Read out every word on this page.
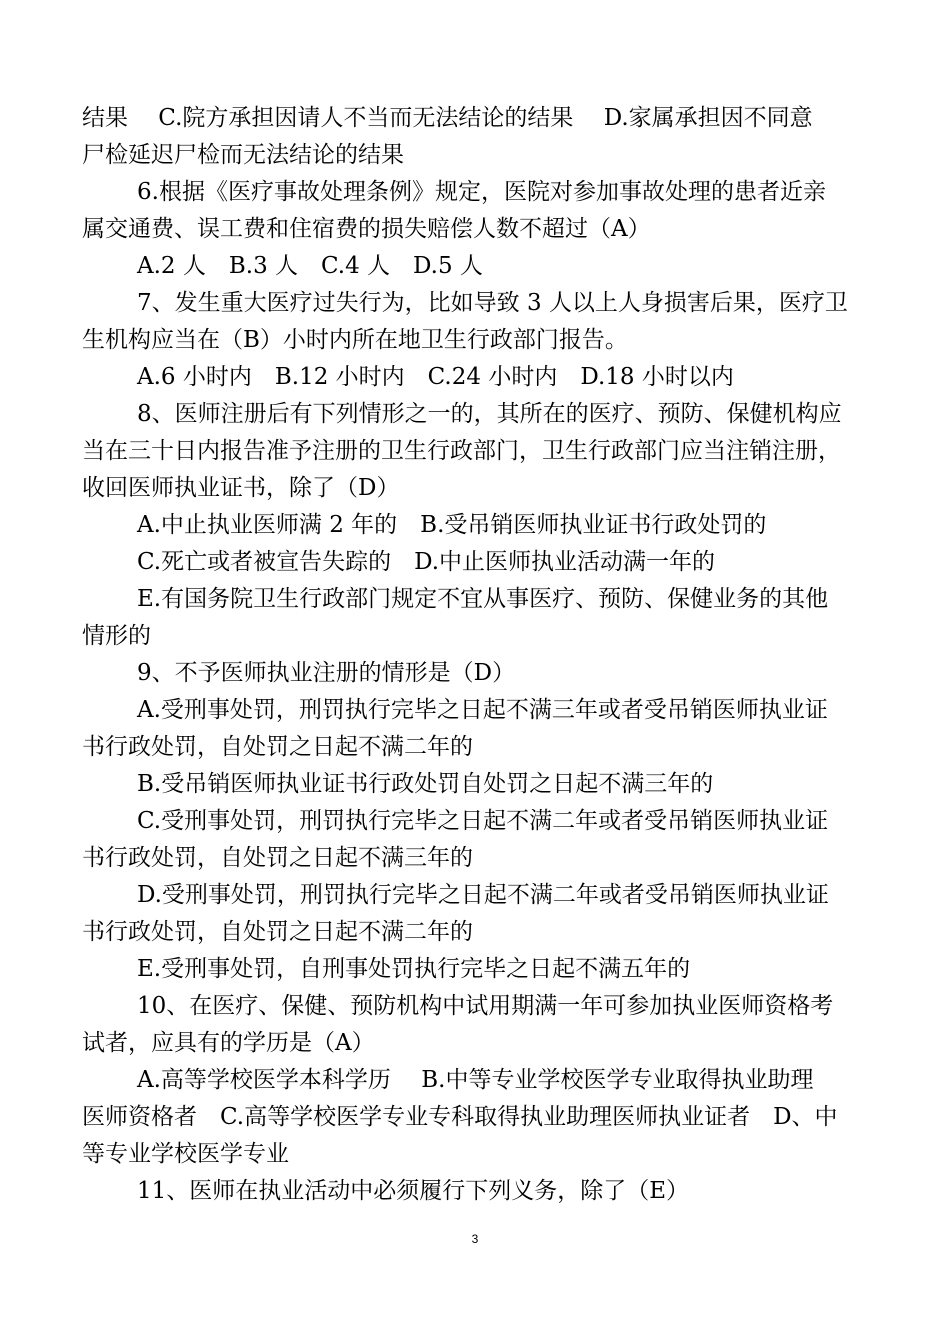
结果　 C.院方承担因请人不当而无法结论的结果　 D.家属承担因不同意
尸检延迟尸检而无法结论的结果
6.根据《医疗事故处理条例》规定，医院对参加事故处理的患者近亲
属交通费、误工费和住宿费的损失赔偿人数不超过（A）
A.2 人　B.3 人　C.4 人　D.5 人
7、发生重大医疗过失行为，比如导致 3 人以上人身损害后果，医疗卫
生机构应当在（B）小时内所在地卫生行政部门报告。
A.6 小时内　B.12 小时内　C.24 小时内　D.18 小时以内
8、医师注册后有下列情形之一的，其所在的医疗、预防、保健机构应
当在三十日内报告准予注册的卫生行政部门，卫生行政部门应当注销注册，
收回医师执业证书，除了（D）
A.中止执业医师满 2 年的　B.受吊销医师执业证书行政处罚的
C.死亡或者被宣告失踪的　D.中止医师执业活动满一年的
E.有国务院卫生行政部门规定不宜从事医疗、预防、保健业务的其他
情形的
9、不予医师执业注册的情形是（D）
A.受刑事处罚，刑罚执行完毕之日起不满三年或者受吊销医师执业证
书行政处罚，自处罚之日起不满二年的
B.受吊销医师执业证书行政处罚自处罚之日起不满三年的
C.受刑事处罚，刑罚执行完毕之日起不满二年或者受吊销医师执业证
书行政处罚，自处罚之日起不满三年的
D.受刑事处罚，刑罚执行完毕之日起不满二年或者受吊销医师执业证
书行政处罚，自处罚之日起不满二年的
E.受刑事处罚，自刑事处罚执行完毕之日起不满五年的
10、在医疗、保健、预防机构中试用期满一年可参加执业医师资格考
试者，应具有的学历是（A）
A.高等学校医学本科学历　 B.中等专业学校医学专业取得执业助理
医师资格者　C.高等学校医学专业专科取得执业助理医师执业证者　D、中
等专业学校医学专业
11、医师在执业活动中必须履行下列义务，除了（E）
3
